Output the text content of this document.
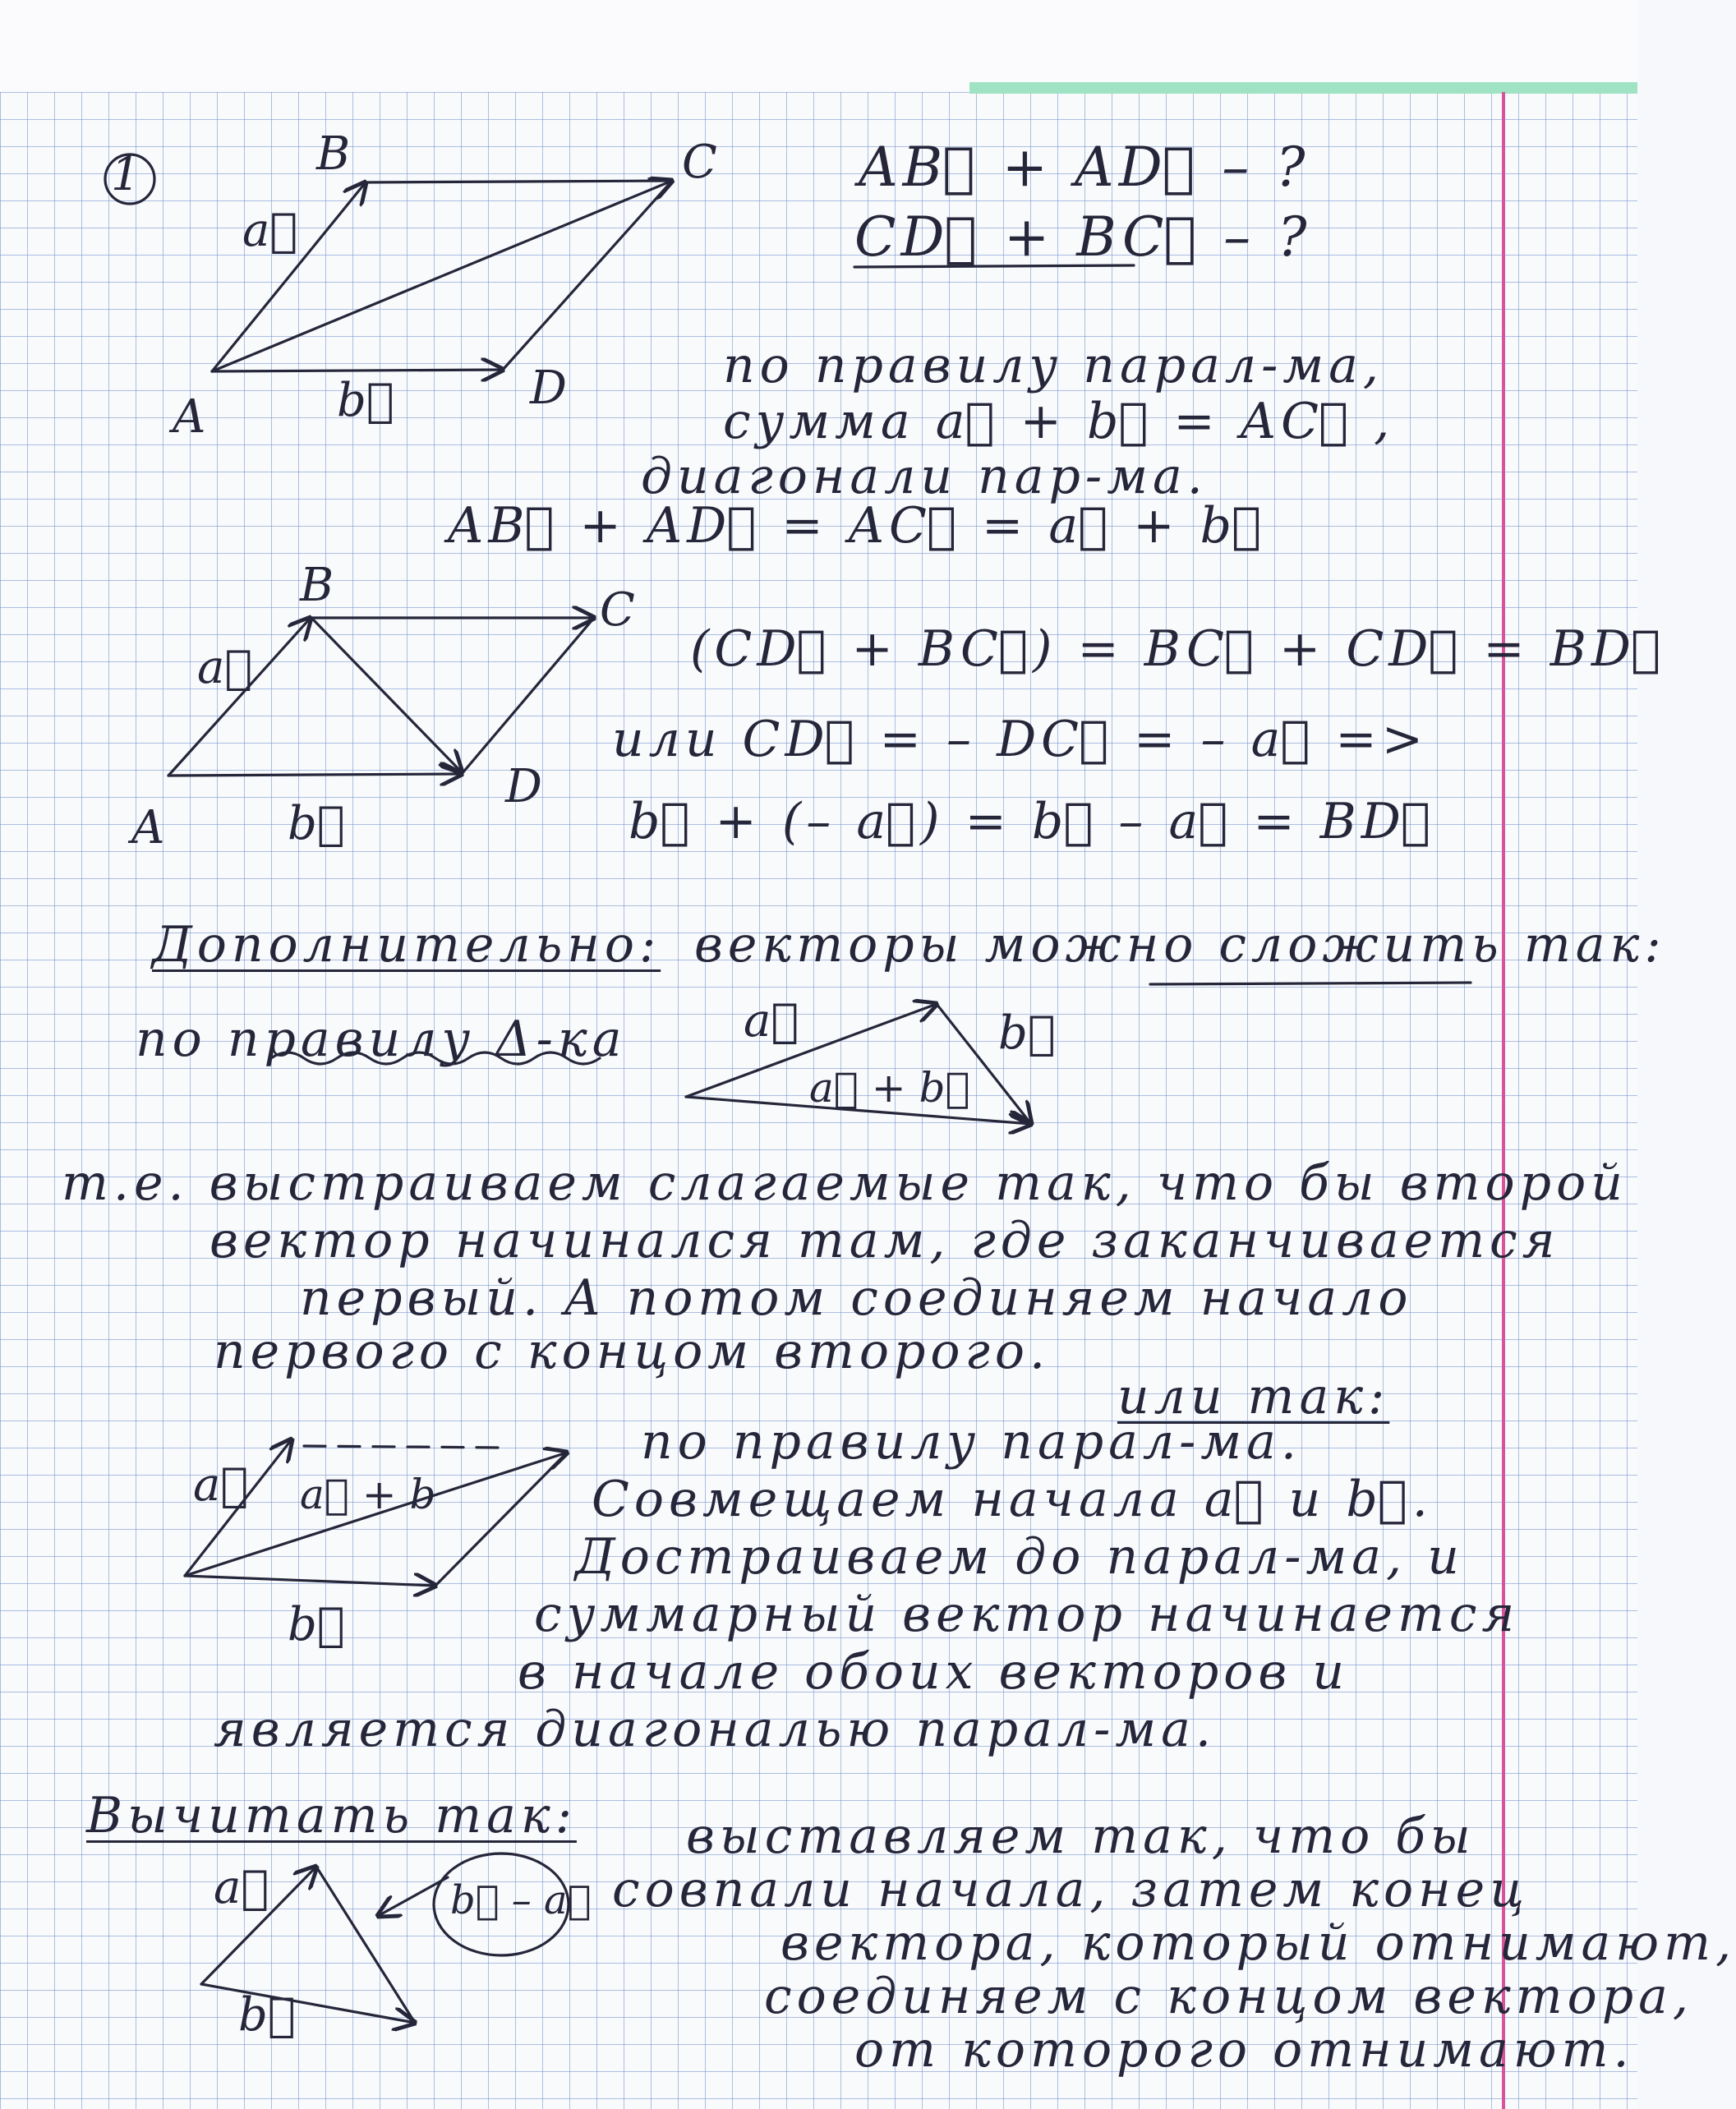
1	B	C
A
D
a⃗
b⃗

AB⃗ + AD⃗ – ?

CD⃗ + BC⃗ – ?

по правилу парал-ма,

сумма a⃗ + b⃗ = AC⃗ ,

диагонали пар-ма.

AB⃗ + AD⃗ = AC⃗ = a⃗ + b⃗

B	C
A
D
a⃗
b⃗

(CD⃗ + BC⃗) = BC⃗ + CD⃗ = BD⃗

или CD⃗ = – DC⃗ = – a⃗ =>

b⃗ + (– a⃗) = b⃗ – a⃗ = BD⃗

Дополнительно: векторы можно сложить так:

по правилу Δ-ка	a⃗	b⃗
a⃗ + b⃗

т.е. выстраиваем слагаемые так, что бы второй

вектор начинался там, где заканчивается

первый. А потом соединяем начало

первого с концом второго.

или так:

a⃗
b⃗
a⃗ + b

по правилу парал-ма.

Совмещаем начала a⃗ и b⃗.

Достраиваем до парал-ма, и

суммарный вектор начинается

в начале обоих векторов и

является диагональю парал-ма.

Вычитать так:

a⃗
b⃗
b⃗ – a⃗

выставляем так, что бы

совпали начала, затем конец

вектора, который отнимают,

соединяем с концом вектора,

от которого отнимают.
